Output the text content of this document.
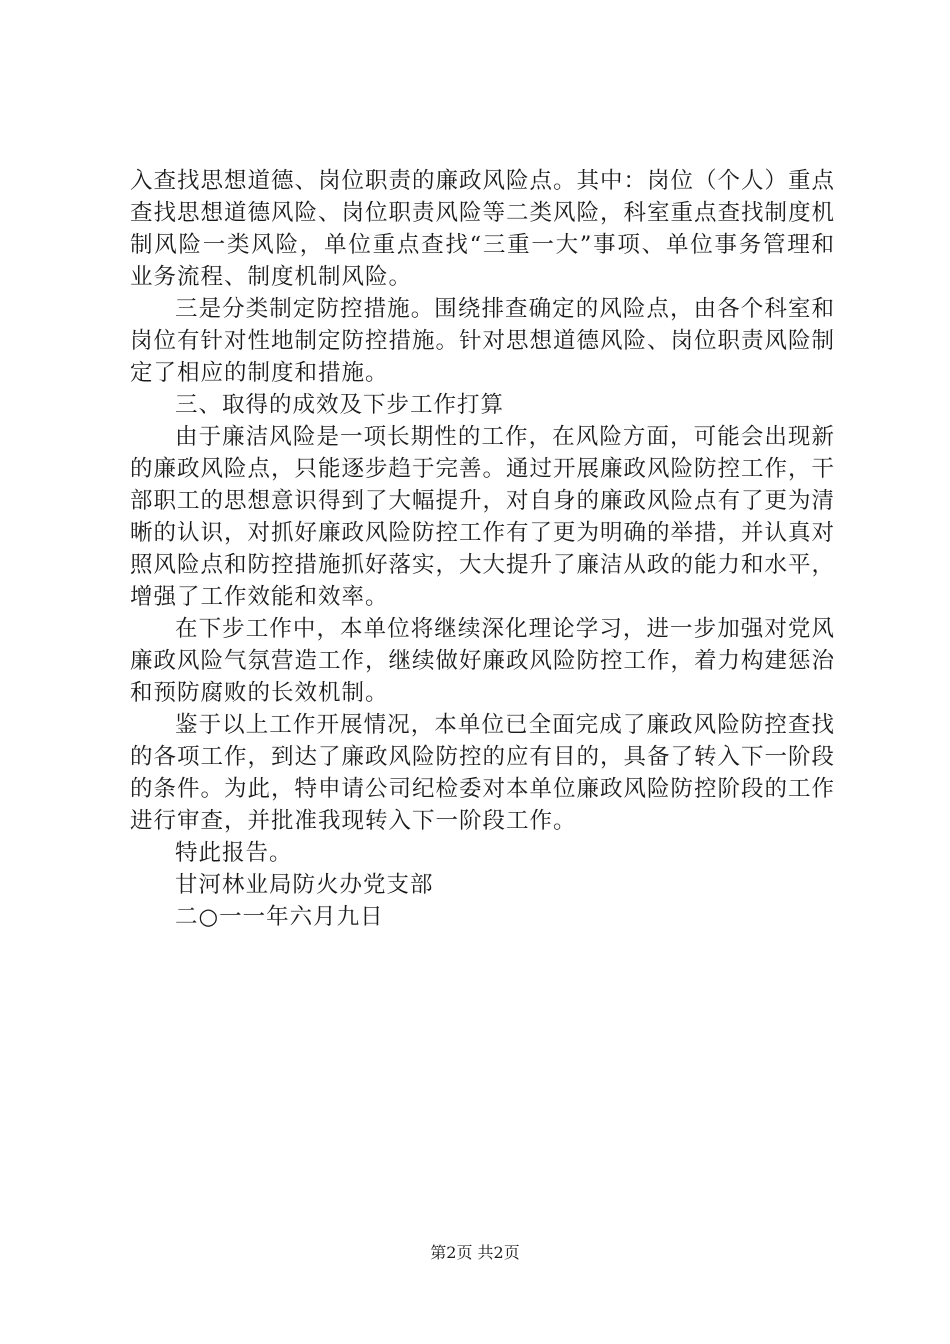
入查找思想道德、岗位职责的廉政风险点。其中：岗位（个人）重点查找思想道德风险、岗位职责风险等二类风险，科室重点查找制度机制风险一类风险，单位重点查找“三重一大”事项、单位事务管理和业务流程、制度机制风险。

三是分类制定防控措施。围绕排查确定的风险点，由各个科室和岗位有针对性地制定防控措施。针对思想道德风险、岗位职责风险制定了相应的制度和措施。

三、取得的成效及下步工作打算

由于廉洁风险是一项长期性的工作，在风险方面，可能会出现新的廉政风险点，只能逐步趋于完善。通过开展廉政风险防控工作，干部职工的思想意识得到了大幅提升，对自身的廉政风险点有了更为清晰的认识，对抓好廉政风险防控工作有了更为明确的举措，并认真对照风险点和防控措施抓好落实，大大提升了廉洁从政的能力和水平，增强了工作效能和效率。

在下步工作中，本单位将继续深化理论学习，进一步加强对党风廉政风险气氛营造工作，继续做好廉政风险防控工作，着力构建惩治和预防腐败的长效机制。

鉴于以上工作开展情况，本单位已全面完成了廉政风险防控查找的各项工作，到达了廉政风险防控的应有目的，具备了转入下一阶段的条件。为此，特申请公司纪检委对本单位廉政风险防控阶段的工作进行审查，并批准我现转入下一阶段工作。

特此报告。

甘河林业局防火办党支部

二○一一年六月九日

第2页 共2页
